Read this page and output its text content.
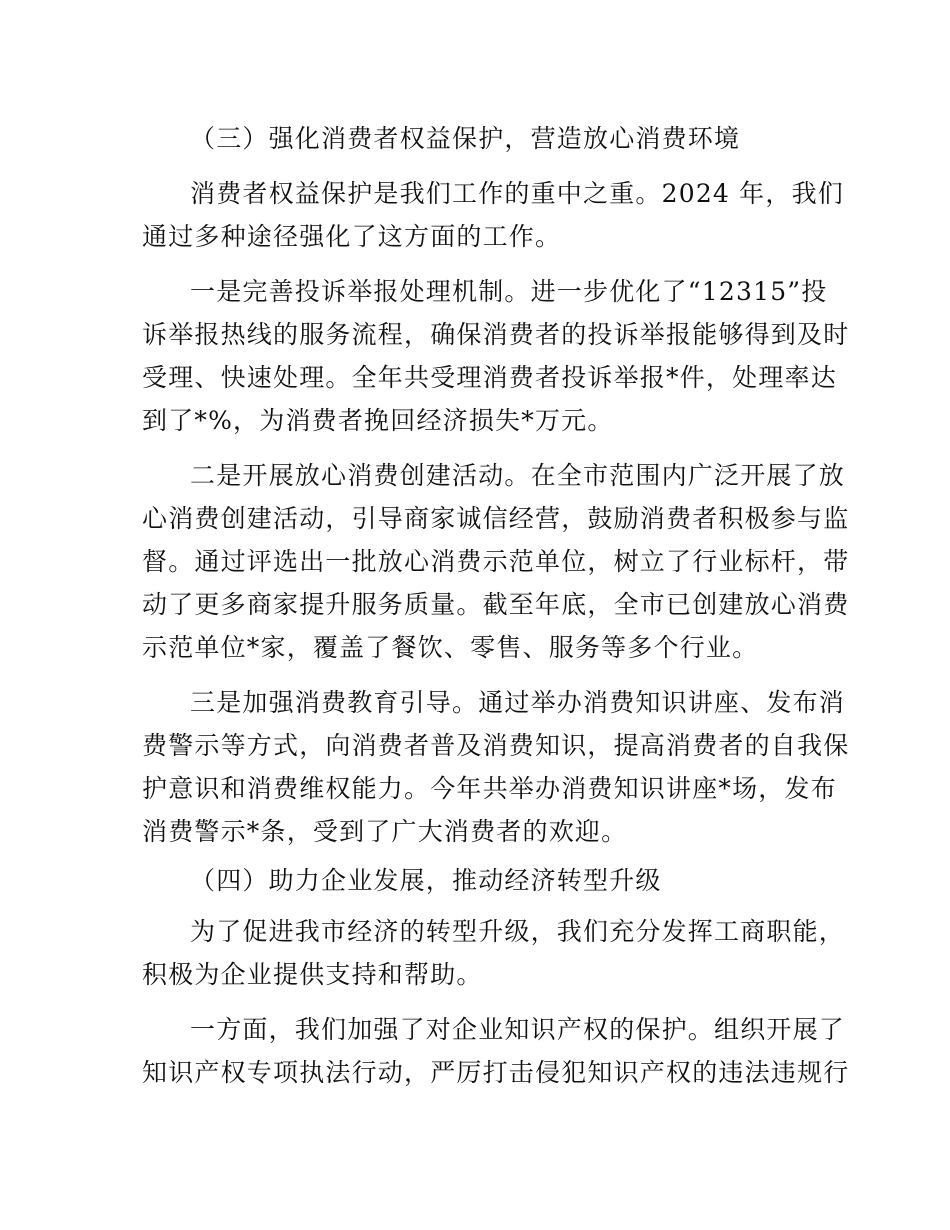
（三）强化消费者权益保护，营造放心消费环境
消费者权益保护是我们工作的重中之重。2024 年，我们
通过多种途径强化了这方面的工作。
一是完善投诉举报处理机制。进一步优化了“12315”投
诉举报热线的服务流程，确保消费者的投诉举报能够得到及时
受理、快速处理。全年共受理消费者投诉举报*件，处理率达
到了*%，为消费者挽回经济损失*万元。
二是开展放心消费创建活动。在全市范围内广泛开展了放
心消费创建活动，引导商家诚信经营，鼓励消费者积极参与监
督。通过评选出一批放心消费示范单位，树立了行业标杆，带
动了更多商家提升服务质量。截至年底，全市已创建放心消费
示范单位*家，覆盖了餐饮、零售、服务等多个行业。
三是加强消费教育引导。通过举办消费知识讲座、发布消
费警示等方式，向消费者普及消费知识，提高消费者的自我保
护意识和消费维权能力。今年共举办消费知识讲座*场，发布
消费警示*条，受到了广大消费者的欢迎。
（四）助力企业发展，推动经济转型升级
为了促进我市经济的转型升级，我们充分发挥工商职能，
积极为企业提供支持和帮助。
一方面，我们加强了对企业知识产权的保护。组织开展了
知识产权专项执法行动，严厉打击侵犯知识产权的违法违规行
